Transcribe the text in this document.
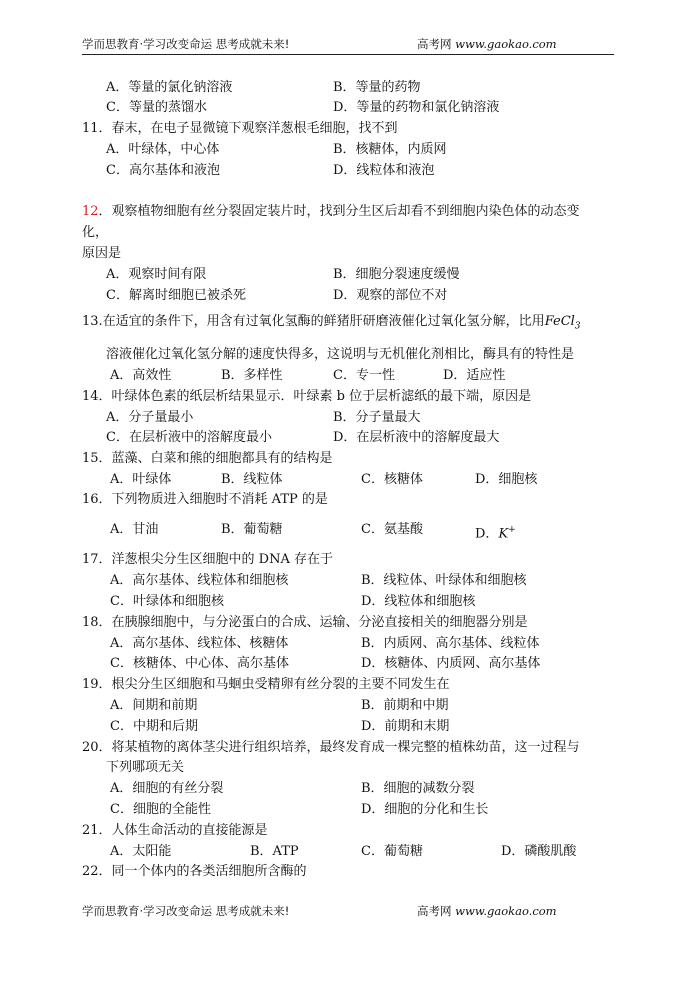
学而思教育·学习改变命运 思考成就未来!	高考网 www.gaokao.com
A．等量的氯化钠溶液	B．等量的药物
C．等量的蒸馏水	D．等量的药物和氯化钠溶液
11．春末，在电子显微镜下观察洋葱根毛细胞，找不到
A．叶绿体，中心体	B．核糖体，内质网
C．高尔基体和液泡	D．线粒体和液泡
12．观察植物细胞有丝分裂固定装片时，找到分生区后却看不到细胞内染色体的动态变
化，
原因是
A．观察时间有限	B．细胞分裂速度缓慢
C．解离时细胞已被杀死	D．观察的部位不对
13.在适宜的条件下，用含有过氧化氢酶的鲜猪肝研磨液催化过氧化氢分解，比用FeCl$_3$
溶液催化过氧化氢分解的速度快得多，这说明与无机催化剂相比，酶具有的特性是
A．高效性	B．多样性	C．专一性	D．适应性
14．叶绿体色素的纸层析结果显示．叶绿素 b 位于层析滤纸的最下端，原因是
A．分子量最小	B．分子量最大
C．在层析液中的溶解度最小	D．在层析液中的溶解度最大
15．蓝藻、白菜和熊的细胞都具有的结构是
A．叶绿体	B．线粒体	C．核糖体	D．细胞核
16．下列物质进入细胞时不消耗 ATP 的是
A．甘油	B．葡萄糖	C．氨基酸	D．K+
17．洋葱根尖分生区细胞中的 DNA 存在于
A．高尔基体、线粒体和细胞核	B．线粒体、叶绿体和细胞核
C．叶绿体和细胞核	D．线粒体和细胞核
18．在胰腺细胞中，与分泌蛋白的合成、运输、分泌直接相关的细胞器分别是
A．高尔基体、线粒体、核糖体	B．内质网、高尔基体、线粒体
C．核糖体、中心体、高尔基体	D．核糖体、内质网、高尔基体
19．根尖分生区细胞和马蛔虫受精卵有丝分裂的主要不同发生在
A．间期和前期	B．前期和中期
C．中期和后期	D．前期和末期
20．将某植物的离体茎尖进行组织培养，最终发育成一棵完整的植株幼苗，这一过程与
下列哪项无关
A．细胞的有丝分裂	B．细胞的减数分裂
C．细胞的全能性	D．细胞的分化和生长
21．人体生命活动的直接能源是
A．太阳能	B．ATP	C．葡萄糖	D．磷酸肌酸
22．同一个体内的各类活细胞所含酶的
学而思教育·学习改变命运 思考成就未来!	高考网 www.gaokao.com
